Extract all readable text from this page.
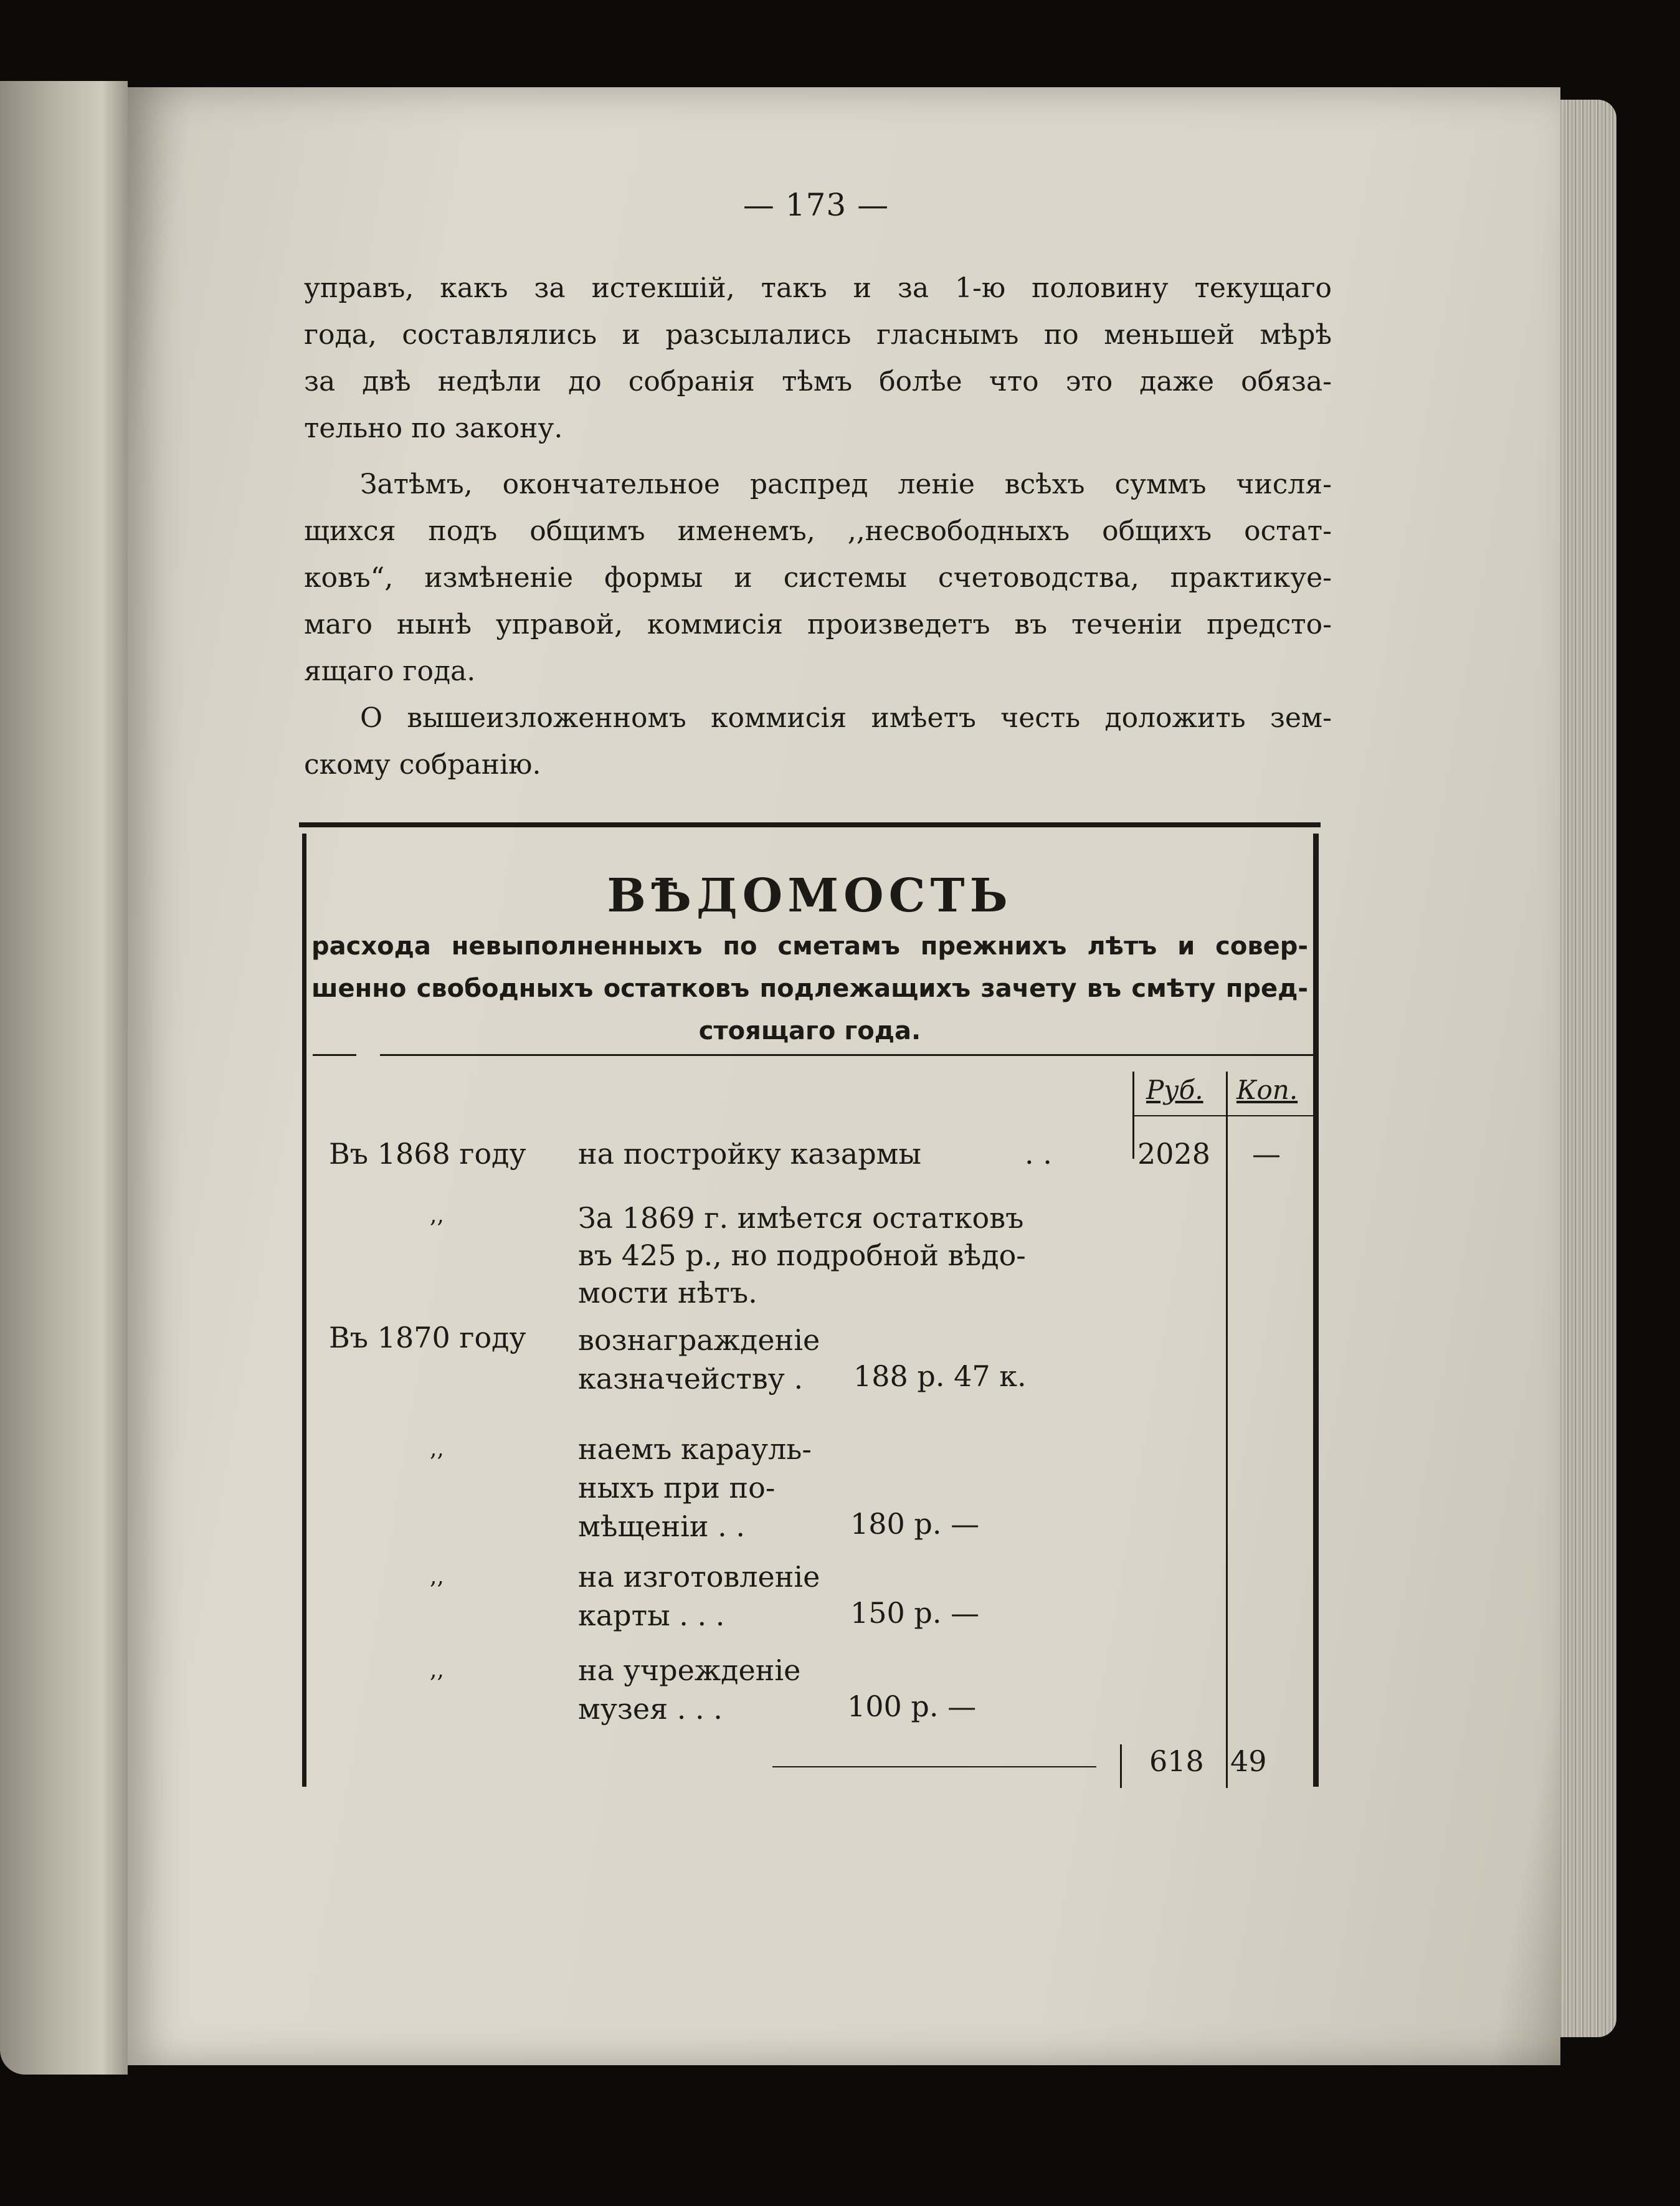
— 173 —
управъ, какъ за истекшій, такъ и за 1-ю половину текущаго
года, составлялись и разсылались гласнымъ по меньшей мѣрѣ
за двѣ недѣли до собранія тѣмъ болѣе что это даже обяза-
тельно по закону.
Затѣмъ, окончательное распред леніе всѣхъ суммъ числя-
щихся подъ общимъ именемъ, ,,несвободныхъ общихъ остат-
ковъ“, измѣненіе формы и системы счетоводства, практикуе-
маго нынѣ управой, коммисія произведетъ въ теченіи предсто-
ящаго года.
О вышеизложенномъ коммисія имѣетъ честь доложить зем-
скому собранію.
ВѢДОМОСТЬ
расхода невыполненныхъ по сметамъ прежнихъ лѣтъ и совер-
шенно свободныхъ остатковъ подлежащихъ зачету въ смѣту пред-
стоящаго года.
Руб. Коп.
Въ 1868 году на постройку казармы	. .	2028 —
,,	За 1869 г. имѣется остатковъ
въ 425 р., но подробной вѣдо-
мости нѣтъ.
Въ 1870 году вознагражденіе
казначейству .	188 р. 47 к.
,,	наемъ карауль-
ныхъ при по-
мѣщеніи . .	180 р. —
,,	на изготовленіе
карты . . .	150 р. —
,,	на учрежденіе
музея . . .	100 р. —
618 49
